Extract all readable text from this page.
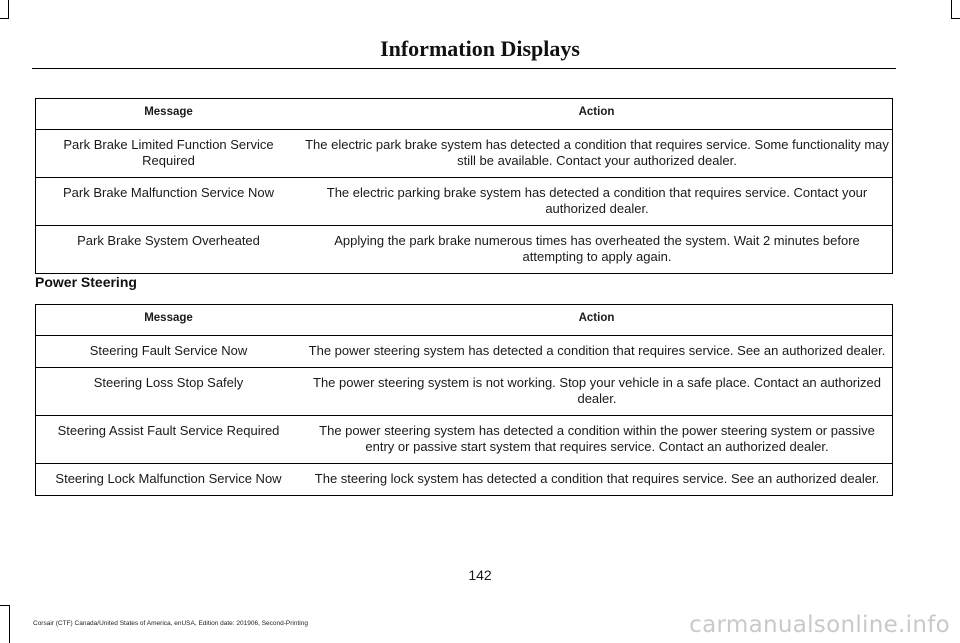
Information Displays
Message	Action
Park Brake Limited Function Service Required	The electric park brake system has detected a condition that requires service. Some functionality may still be available. Contact your authorized dealer.
Park Brake Malfunction Service Now	The electric parking brake system has detected a condition that requires service. Contact your authorized dealer.
Park Brake System Overheated	Applying the park brake numerous times has overheated the system. Wait 2 minutes before attempting to apply again.
Power Steering
Message	Action
Steering Fault Service Now	The power steering system has detected a condition that requires service. See an authorized dealer.
Steering Loss Stop Safely	The power steering system is not working. Stop your vehicle in a safe place. Contact an authorized dealer.
Steering Assist Fault Service Required	The power steering system has detected a condition within the power steering system or passive entry or passive start system that requires service. Contact an authorized dealer.
Steering Lock Malfunction Service Now	The steering lock system has detected a condition that requires service. See an authorized dealer.
142
Corsair (CTF) Canada/United States of America, enUSA, Edition date: 201906, Second-Printing	carmanualsonline.info
